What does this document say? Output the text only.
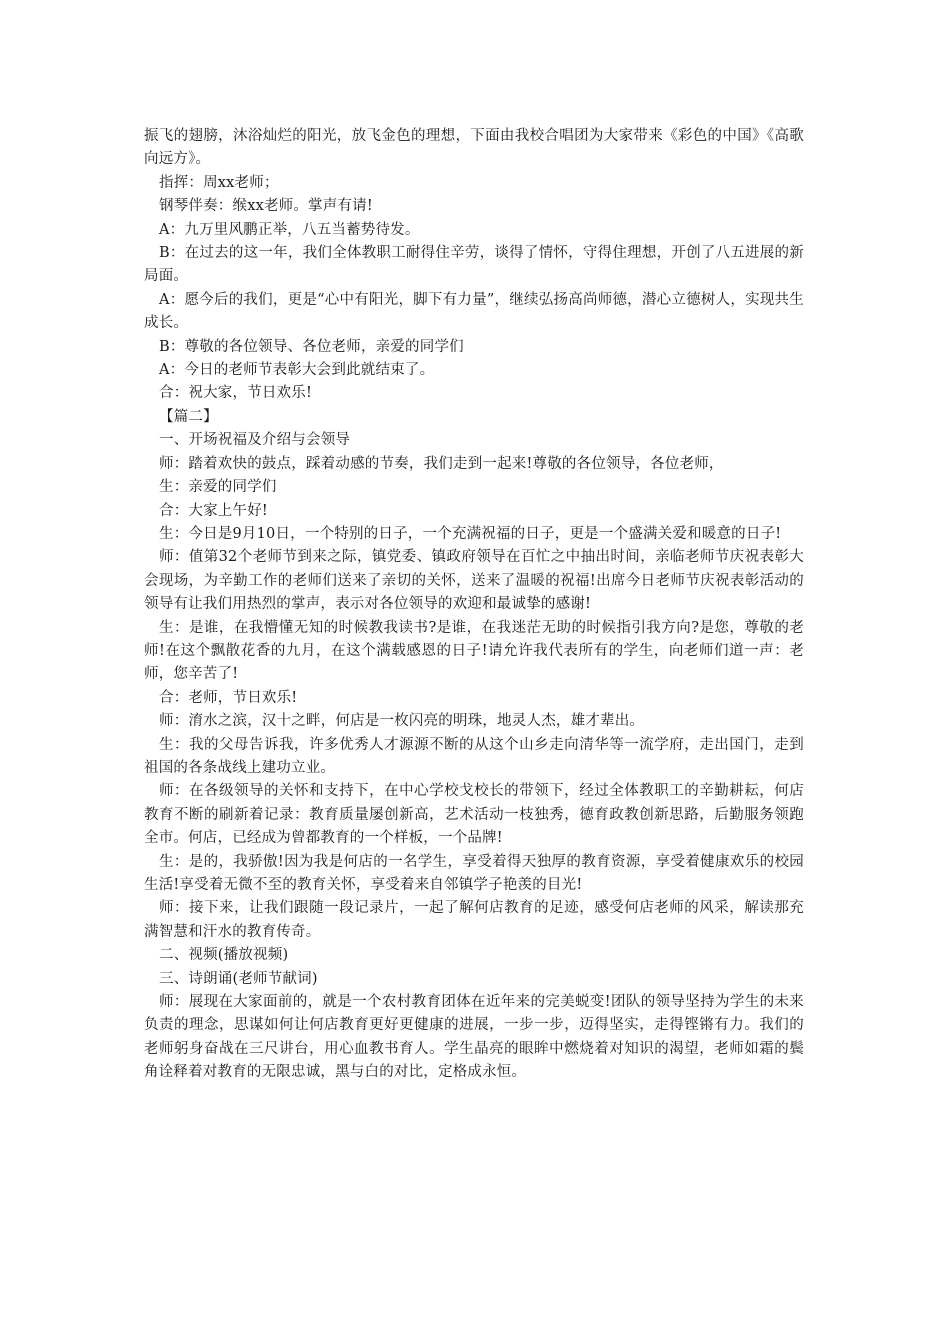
振飞的翅膀，沐浴灿烂的阳光，放飞金色的理想，下面由我校合唱团为大家带来《彩色的中国》《高歌向远方》。

指挥：周xx老师；

钢琴伴奏：缑xx老师。掌声有请!

A：九万里风鹏正举，八五当蓄势待发。

B：在过去的这一年，我们全体教职工耐得住辛劳，谈得了情怀，守得住理想，开创了八五进展的新局面。

A：愿今后的我们，更是“心中有阳光，脚下有力量”，继续弘扬高尚师德，潜心立德树人，实现共生成长。

B：尊敬的各位领导、各位老师，亲爱的同学们

A：今日的老师节表彰大会到此就结束了。

合：祝大家，节日欢乐!

【篇二】

一、开场祝福及介绍与会领导

师：踏着欢快的鼓点，踩着动感的节奏，我们走到一起来!尊敬的各位领导，各位老师，

生：亲爱的同学们

合：大家上午好!

生：今日是9月10日，一个特别的日子，一个充满祝福的日子，更是一个盛满关爱和暖意的日子!

师：值第32个老师节到来之际，镇党委、镇政府领导在百忙之中抽出时间，亲临老师节庆祝表彰大会现场，为辛勤工作的老师们送来了亲切的关怀，送来了温暖的祝福!出席今日老师节庆祝表彰活动的领导有让我们用热烈的掌声，表示对各位领导的欢迎和最诚挚的感谢!

生：是谁，在我懵懂无知的时候教我读书?是谁，在我迷茫无助的时候指引我方向?是您，尊敬的老师!在这个飘散花香的九月，在这个满载感恩的日子!请允许我代表所有的学生，向老师们道一声：老师，您辛苦了!

合：老师，节日欢乐!

师：淯水之滨，汉十之畔，何店是一枚闪亮的明珠，地灵人杰，雄才辈出。

生：我的父母告诉我，许多优秀人才源源不断的从这个山乡走向清华等一流学府，走出国门，走到祖国的各条战线上建功立业。

师：在各级领导的关怀和支持下，在中心学校戈校长的带领下，经过全体教职工的辛勤耕耘，何店教育不断的刷新着记录：教育质量屡创新高，艺术活动一枝独秀，德育政教创新思路，后勤服务领跑全市。何店，已经成为曾都教育的一个样板，一个品牌!

生：是的，我骄傲!因为我是何店的一名学生，享受着得天独厚的教育资源，享受着健康欢乐的校园生活!享受着无微不至的教育关怀，享受着来自邻镇学子艳羡的目光!

师：接下来，让我们跟随一段记录片，一起了解何店教育的足迹，感受何店老师的风采，解读那充满智慧和汗水的教育传奇。

二、视频(播放视频)

三、诗朗诵(老师节献词)

师：展现在大家面前的，就是一个农村教育团体在近年来的完美蜕变!团队的领导坚持为学生的未来负责的理念，思谋如何让何店教育更好更健康的进展，一步一步，迈得坚实，走得铿锵有力。我们的老师躬身奋战在三尺讲台，用心血教书育人。学生晶亮的眼眸中燃烧着对知识的渴望，老师如霜的鬓角诠释着对教育的无限忠诚，黑与白的对比，定格成永恒。
